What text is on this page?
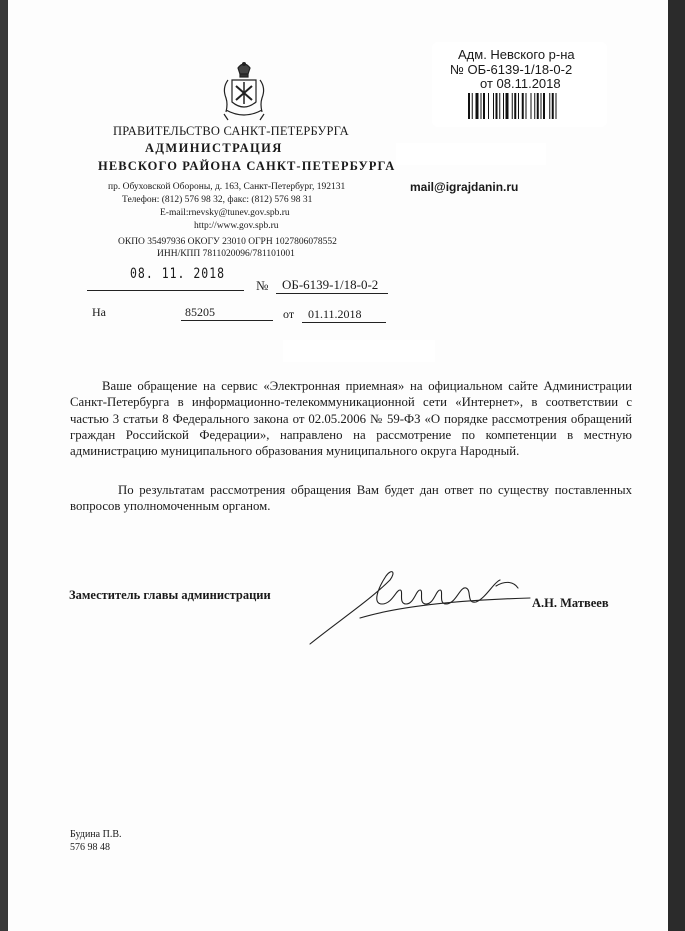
ПРАВИТЕЛЬСТВО САНКТ-ПЕТЕРБУРГА
АДМИНИСТРАЦИЯ
НЕВСКОГО РАЙОНА САНКТ-ПЕТЕРБУРГА
пр. Обуховской Обороны, д. 163, Санкт-Петербург, 192131
Телефон: (812) 576 98 32, факс: (812) 576 98 31
E-mail:rnevsky@tunev.gov.spb.ru
http://www.gov.spb.ru
ОКПО 35497936 ОКОГУ 23010 ОГРН 1027806078552
ИНН/КПП 7811020096/781101001
08. 11. 2018
№ ОБ-6139-1/18-0-2
На	85205	от 01.11.2018
mail@igrajdanin.ru
Адм. Невского р-на
№ ОБ-6139-1/18-0-2
от 08.11.2018
Ваше обращение на сервис «Электронная приемная» на официальном сайте Администрации Санкт-Петербурга в информационно-телекоммуникационной сети «Интернет», в соответствии с частью 3 статьи 8 Федерального закона от 02.05.2006 № 59-ФЗ «О порядке рассмотрения обращений граждан Российской Федерации», направлено на рассмотрение по компетенции в местную администрацию муниципального образования муниципального округа Народный.
По результатам рассмотрения обращения Вам будет дан ответ по существу поставленных вопросов уполномоченным органом.
Заместитель главы администрации
А.Н. Матвеев
Будина П.В.
576 98 48
